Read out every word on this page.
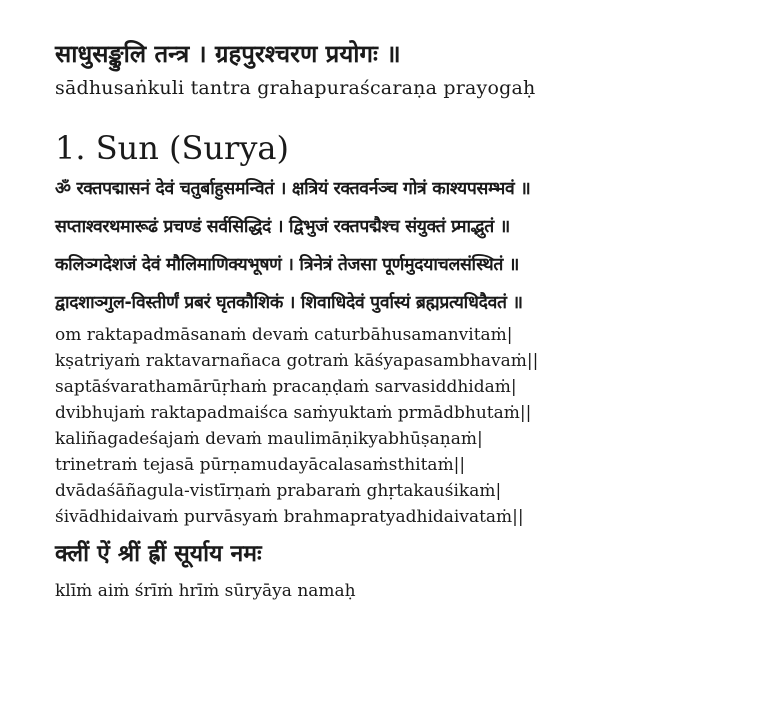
साधुसङ्कुलि तन्त्र । ग्रहपुरश्चरण प्रयोगः ॥
sādhusaṅkuli tantra grahapuraścaraṇa prayogaḥ
1. Sun (Surya)
ॐ रक्तपद्मासनं देवं चतुर्बाहुसमन्वितं । क्षत्रियं रक्तवर्नञ्च गोत्रं काश्यपसम्भवं ॥
सप्ताश्वरथमारूढं प्रचण्डं सर्वसिद्धिदं । द्विभुजं रक्तपद्मैश्च संयुक्तं प्र्माद्भुतं ॥
कलिञ्गदेशजं देवं मौलिमाणिक्यभूषणं । त्रिनेत्रं तेजसा पूर्णमुदयाचलसंस्थितं ॥
द्वादशाञ्गुल-विस्तीर्णं प्रबरं घृतकौशिकं । शिवाधिदेवं पुर्वास्यं ब्रह्मप्रत्यधिदैवतं ॥
om raktapadmāsanaṁ devaṁ caturbāhusamanvitaṁ|
kṣatriyaṁ raktavarnañaca gotraṁ kāśyapasambhavaṁ||
saptāśvarathamārūṛhaṁ pracaṇḍaṁ sarvasiddhidaṁ|
dvibhujaṁ raktapadmaiśca saṁyuktaṁ prmādbhutaṁ||
kaliñagadeśajaṁ devaṁ maulimāṇikyabhūṣaṇaṁ|
trinetraṁ tejasā pūrṇamudayācalasaṁsthitaṁ||
dvādaśāñagula-vistīrṇaṁ prabaraṁ ghṛtakauśikaṁ|
śivādhidaivaṁ purvāsyaṁ brahmapratyadhidaivataṁ||
क्लीं ऐं श्रीं ह्रीं सूर्याय नमः
klīṁ aiṁ śrīṁ hrīṁ sūryāya namaḥ
